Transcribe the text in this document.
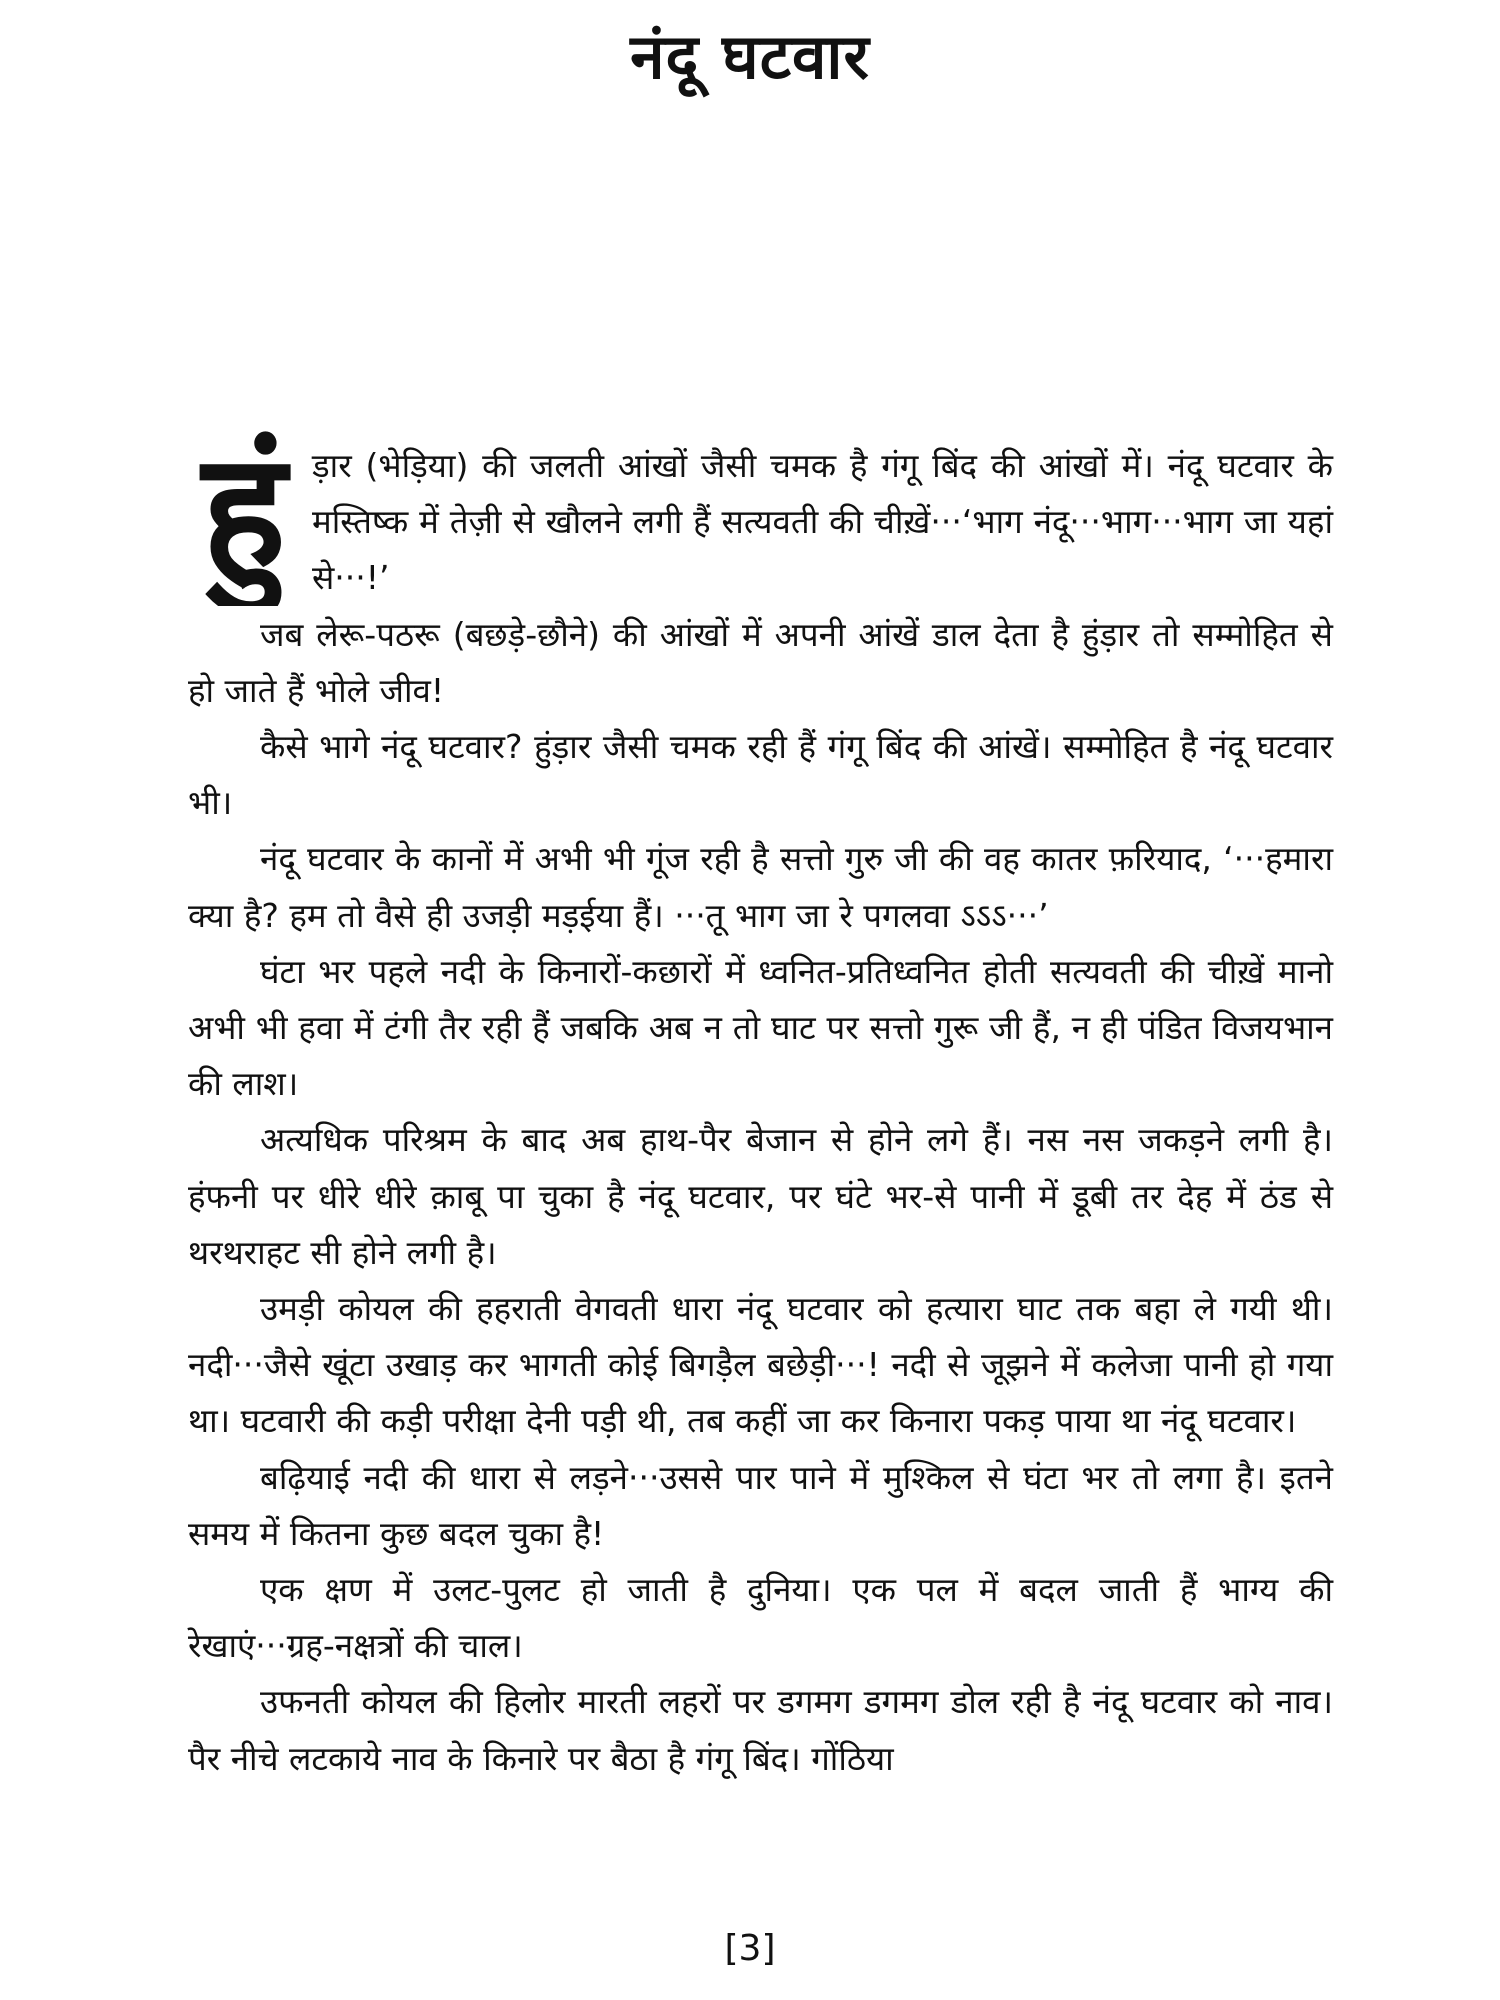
नंदू घटवार
हुं ड़ार (भेड़िया) की जलती आंखों जैसी चमक है गंगू बिंद की आंखों में। नंदू घटवार के मस्तिष्क में तेज़ी से खौलने लगी हैं सत्यवती की चीख़ें···‘भाग नंदू···भाग···भाग जा यहां से···!’

जब लेरू-पठरू (बछड़े-छौने) की आंखों में अपनी आंखें डाल देता है हुंड़ार तो सम्मोहित से हो जाते हैं भोले जीव!

कैसे भागे नंदू घटवार? हुंड़ार जैसी चमक रही हैं गंगू बिंद की आंखें। सम्मोहित है नंदू घटवार भी।

नंदू घटवार के कानों में अभी भी गूंज रही है सत्तो गुरु जी की वह कातर फ़रियाद, ‘···हमारा क्या है? हम तो वैसे ही उजड़ी मड़ईया हैं। ···तू भाग जा रे पगलवा ऽऽऽ···’

घंटा भर पहले नदी के किनारों-कछारों में ध्वनित-प्रतिध्वनित होती सत्यवती की चीख़ें मानो अभी भी हवा में टंगी तैर रही हैं जबकि अब न तो घाट पर सत्तो गुरू जी हैं, न ही पंडित विजयभान की लाश।

अत्यधिक परिश्रम के बाद अब हाथ-पैर बेजान से होने लगे हैं। नस नस जकड़ने लगी है। हंफनी पर धीरे धीरे क़ाबू पा चुका है नंदू घटवार, पर घंटे भर-से पानी में डूबी तर देह में ठंड से थरथराहट सी होने लगी है।

उमड़ी कोयल की हहराती वेगवती धारा नंदू घटवार को हत्यारा घाट तक बहा ले गयी थी। नदी···जैसे खूंटा उखाड़ कर भागती कोई बिगड़ैल बछेड़ी···! नदी से जूझने में कलेजा पानी हो गया था। घटवारी की कड़ी परीक्षा देनी पड़ी थी, तब कहीं जा कर किनारा पकड़ पाया था नंदू घटवार।

बढ़ियाई नदी की धारा से लड़ने···उससे पार पाने में मुश्किल से घंटा भर तो लगा है। इतने समय में कितना कुछ बदल चुका है!

एक क्षण में उलट-पुलट हो जाती है दुनिया। एक पल में बदल जाती हैं भाग्य की रेखाएं···ग्रह-नक्षत्रों की चाल।

उफनती कोयल की हिलोर मारती लहरों पर डगमग डगमग डोल रही है नंदू घटवार को नाव। पैर नीचे लटकाये नाव के किनारे पर बैठा है गंगू बिंद। गोंठिया

[3]
